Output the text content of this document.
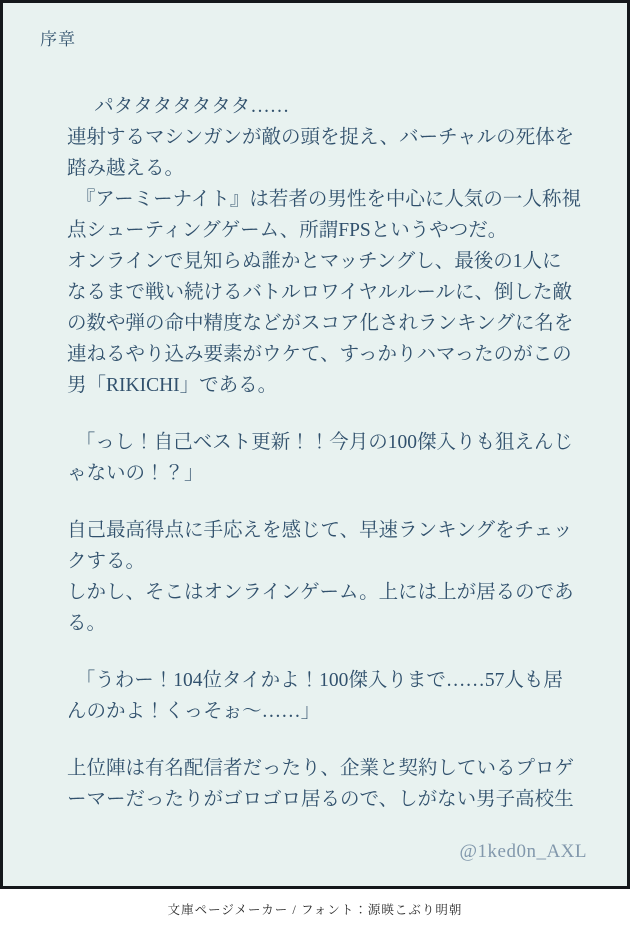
序章
パタタタタタタタ……
連射するマシンガンが敵の頭を捉え、バーチャルの死体を
踏み越える。
『アーミーナイト』は若者の男性を中心に人気の一人称視
点シューティングゲーム、所謂FPSというやつだ。
オンラインで見知らぬ誰かとマッチングし、最後の1人に
なるまで戦い続けるバトルロワイヤルルールに、倒した敵
の数や弾の命中精度などがスコア化されランキングに名を
連ねるやり込み要素がウケて、すっかりハマったのがこの
男「RIKICHI」である。
「っし！自己ベスト更新！！今月の100傑入りも狙えんじ
ゃないの！？」
自己最高得点に手応えを感じて、早速ランキングをチェッ
クする。
しかし、そこはオンラインゲーム。上には上が居るのであ
る。
「うわー！104位タイかよ！100傑入りまで……57人も居
んのかよ！くっそぉ〜……」
上位陣は有名配信者だったり、企業と契約しているプロゲ
ーマーだったりがゴロゴロ居るので、しがない男子高校生
@1ked0n_AXL
文庫ページメーカー / フォント：源暎こぶり明朝
